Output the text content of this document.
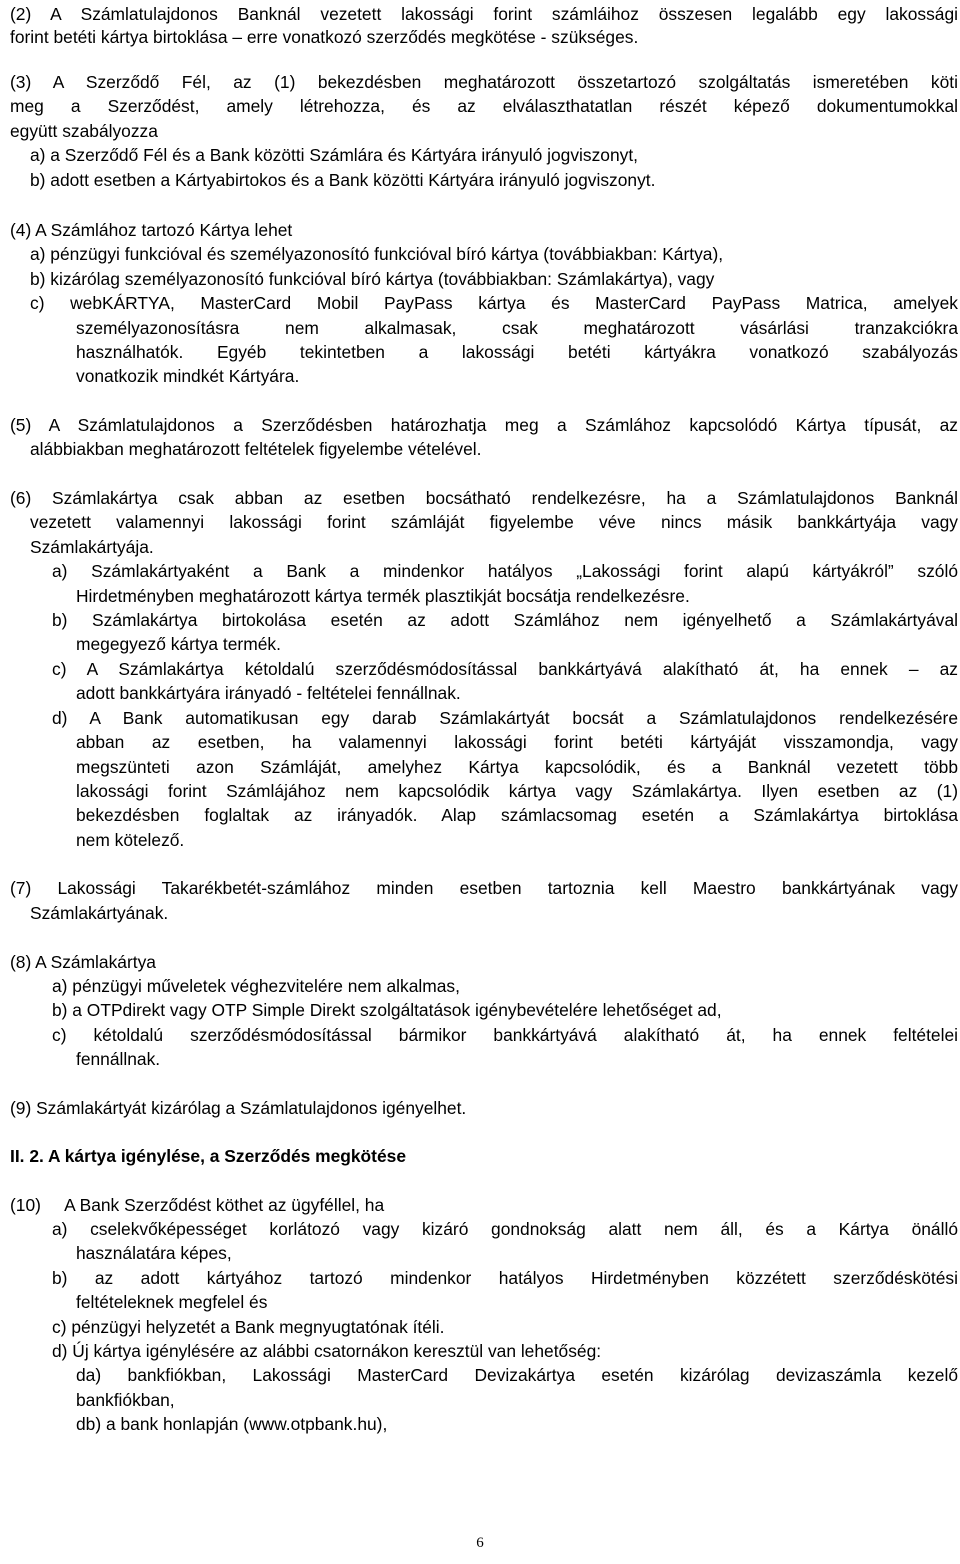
(2) A Számlatulajdonos Banknál vezetett lakossági forint számláihoz összesen legalább egy lakossági
forint betéti kártya birtoklása – erre vonatkozó szerződés megkötése - szükséges.
(3) A Szerződő Fél, az (1) bekezdésben meghatározott összetartozó szolgáltatás ismeretében köti
meg a Szerződést, amely létrehozza, és az elválaszthatatlan részét képező dokumentumokkal
együtt szabályozza
a) a Szerződő Fél és a Bank közötti Számlára és Kártyára irányuló jogviszonyt,
b) adott esetben a Kártyabirtokos és a Bank közötti Kártyára irányuló jogviszonyt.
(4) A Számlához tartozó Kártya lehet
a) pénzügyi funkcióval és személyazonosító funkcióval bíró kártya (továbbiakban: Kártya),
b) kizárólag személyazonosító funkcióval bíró kártya (továbbiakban: Számlakártya), vagy
c) webKÁRTYA, MasterCard Mobil PayPass kártya és MasterCard PayPass Matrica, amelyek
személyazonosításra nem alkalmasak, csak meghatározott vásárlási tranzakciókra
használhatók. Egyéb tekintetben a lakossági betéti kártyákra vonatkozó szabályozás
vonatkozik mindkét Kártyára.
(5) A Számlatulajdonos a Szerződésben határozhatja meg a Számlához kapcsolódó Kártya típusát, az
alábbiakban meghatározott feltételek figyelembe vételével.
(6) Számlakártya csak abban az esetben bocsátható rendelkezésre, ha a Számlatulajdonos Banknál
vezetett valamennyi lakossági forint számláját figyelembe véve nincs másik bankkártyája vagy
Számlakártyája.
a) Számlakártyaként a Bank a mindenkor hatályos „Lakossági forint alapú kártyákról” szóló
Hirdetményben meghatározott kártya termék plasztikját bocsátja rendelkezésre.
b) Számlakártya birtokolása esetén az adott Számlához nem igényelhető a Számlakártyával
megegyező kártya termék.
c) A Számlakártya kétoldalú szerződésmódosítással bankkártyává alakítható át, ha ennek – az
adott bankkártyára irányadó - feltételei fennállnak.
d) A Bank automatikusan egy darab Számlakártyát bocsát a Számlatulajdonos rendelkezésére
abban az esetben, ha valamennyi lakossági forint betéti kártyáját visszamondja, vagy
megszünteti azon Számláját, amelyhez Kártya kapcsolódik, és a Banknál vezetett több
lakossági forint Számlájához nem kapcsolódik kártya vagy Számlakártya. Ilyen esetben az (1)
bekezdésben foglaltak az irányadók. Alap számlacsomag esetén a Számlakártya birtoklása
nem kötelező.
(7) Lakossági Takarékbetét-számlához minden esetben tartoznia kell Maestro bankkártyának vagy
Számlakártyának.
(8) A Számlakártya
a) pénzügyi műveletek véghezvitelére nem alkalmas,
b) a OTPdirekt vagy OTP Simple Direkt szolgáltatások igénybevételére lehetőséget ad,
c) kétoldalú szerződésmódosítással bármikor bankkártyává alakítható át, ha ennek feltételei
fennállnak.
(9) Számlakártyát kizárólag a Számlatulajdonos igényelhet.
II. 2. A kártya igénylése, a Szerződés megkötése
(10)     A Bank Szerződést köthet az ügyféllel, ha
a) cselekvőképességet korlátozó vagy kizáró gondnokság alatt nem áll, és a Kártya önálló
használatára képes,
b) az adott kártyához tartozó mindenkor hatályos Hirdetményben közzétett szerződéskötési
feltételeknek megfelel és
c) pénzügyi helyzetét a Bank megnyugtatónak ítéli.
d) Új kártya igénylésére az alábbi csatornákon keresztül van lehetőség:
da) bankfiókban, Lakossági MasterCard Devizakártya esetén kizárólag devizaszámla kezelő
bankfiókban,
db) a bank honlapján (www.otpbank.hu),
6
